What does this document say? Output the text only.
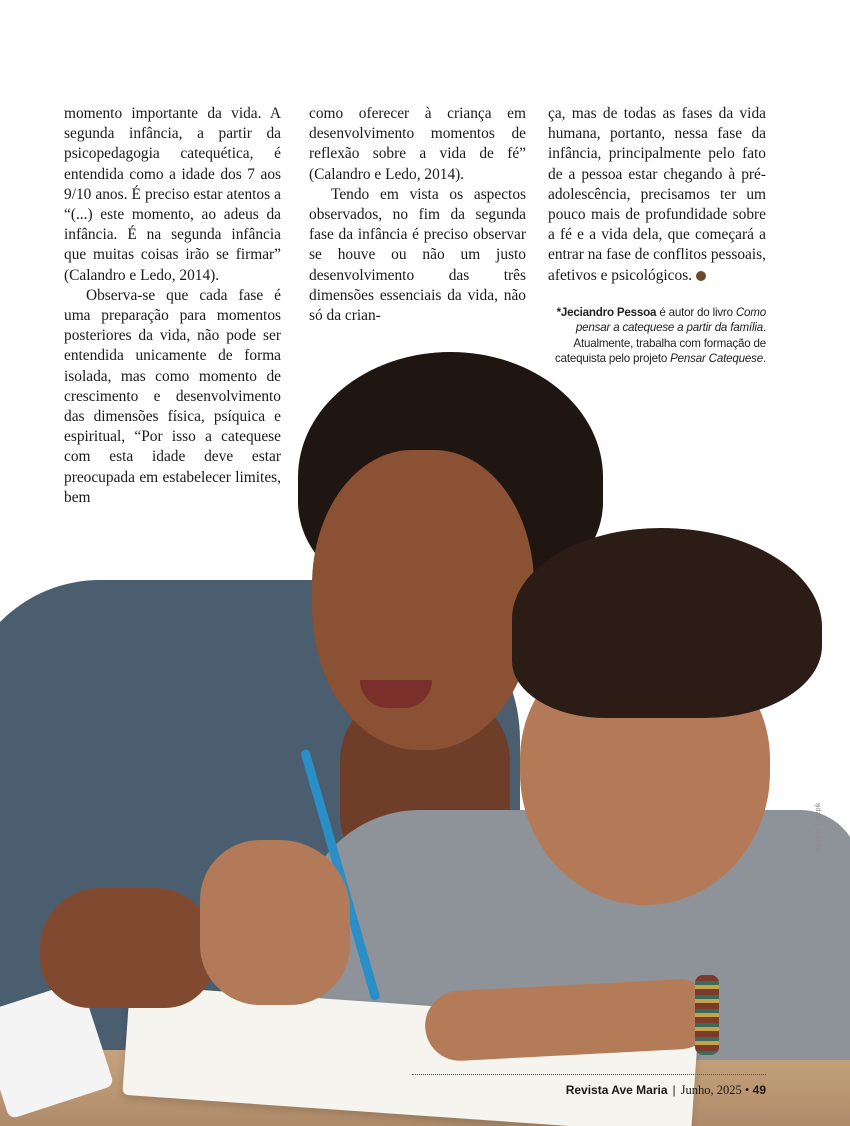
momento importante da vida. A segunda infância, a partir da psicopedagogia catequética, é entendida como a idade dos 7 aos 9/10 anos. É preciso estar atentos a “(...) este momento, ao adeus da infância. É na segunda infância que muitas coisas irão se firmar” (Calandro e Ledo, 2014).

Observa-se que cada fase é uma preparação para momentos posteriores da vida, não pode ser entendida unicamente de forma isolada, mas como momento de crescimento e desenvolvimento das dimensões física, psíquica e espiritual, “Por isso a catequese com esta idade deve estar preocupada em estabelecer limites, bem

como oferecer à criança em desenvolvimento momentos de reflexão sobre a vida de fé” (Calandro e Ledo, 2014).

Tendo em vista os aspectos observados, no fim da segunda fase da infância é preciso observar se houve ou não um justo desenvolvimento das três dimensões essenciais da vida, não só da crian-

ça, mas de todas as fases da vida humana, portanto, nessa fase da infância, principalmente pelo fato de a pessoa estar chegando à pré-adolescência, precisamos ter um pouco mais de profundidade sobre a fé e a vida dela, que começará a entrar na fase de conflitos pessoais, afetivos e psicológicos.

*Jeciandro Pessoa é autor do livro Como pensar a catequese a partir da família. Atualmente, trabalha com formação de catequista pelo projeto Pensar Catequese.
Imagem: Freepik
Revista Ave Maria | Junho, 2025 • 49
